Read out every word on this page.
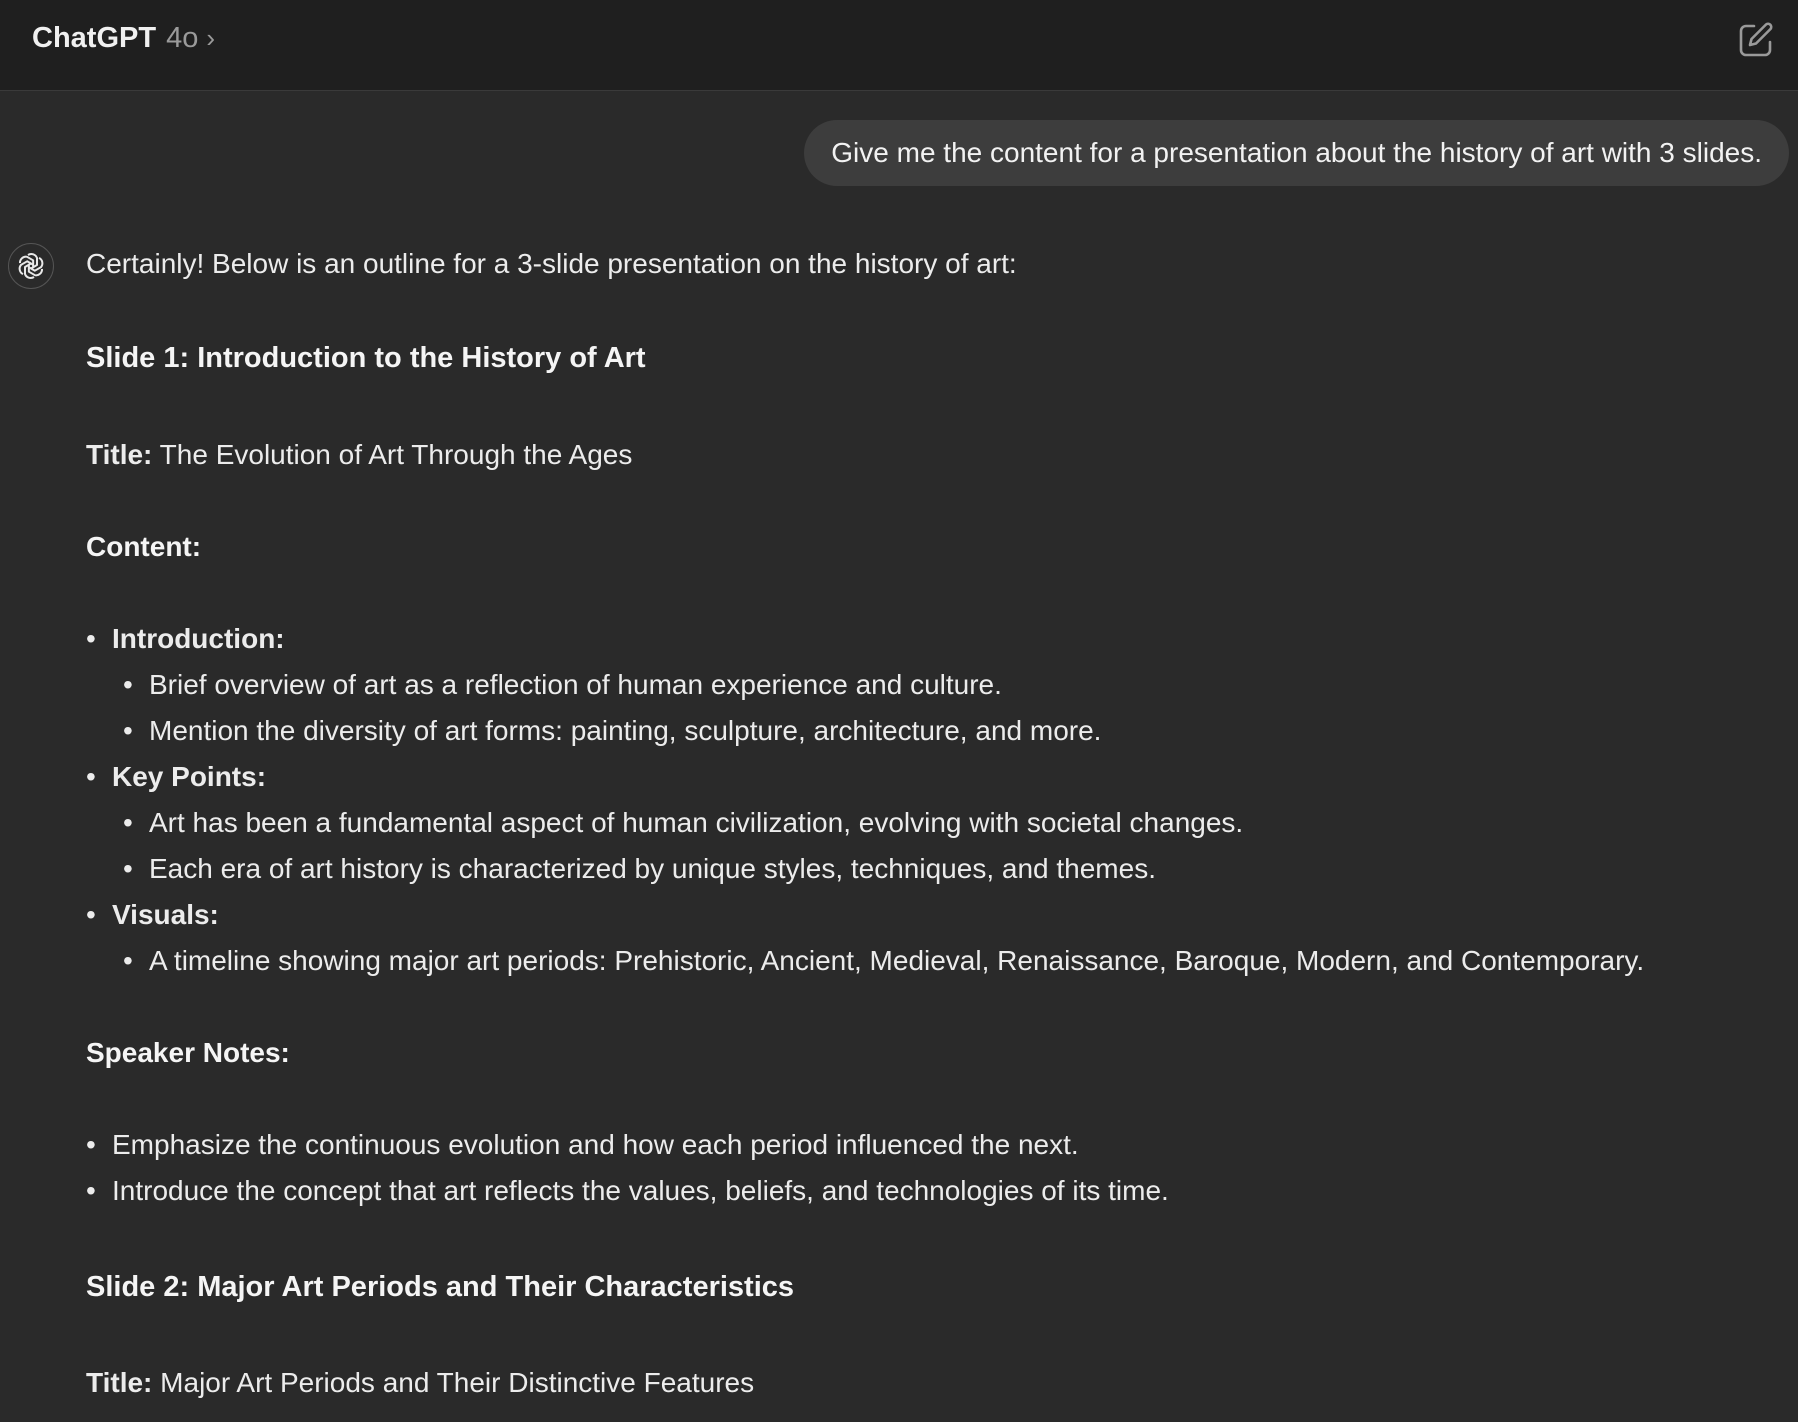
ChatGPT 4o ›
Give me the content for a presentation about the history of art with 3 slides.
Certainly! Below is an outline for a 3-slide presentation on the history of art:
Slide 1: Introduction to the History of Art
Title: The Evolution of Art Through the Ages
Content:
• Introduction:
• Brief overview of art as a reflection of human experience and culture.
• Mention the diversity of art forms: painting, sculpture, architecture, and more.
• Key Points:
• Art has been a fundamental aspect of human civilization, evolving with societal changes.
• Each era of art history is characterized by unique styles, techniques, and themes.
• Visuals:
• A timeline showing major art periods: Prehistoric, Ancient, Medieval, Renaissance, Baroque, Modern, and Contemporary.
Speaker Notes:
• Emphasize the continuous evolution and how each period influenced the next.
• Introduce the concept that art reflects the values, beliefs, and technologies of its time.
Slide 2: Major Art Periods and Their Characteristics
Title: Major Art Periods and Their Distinctive Features
